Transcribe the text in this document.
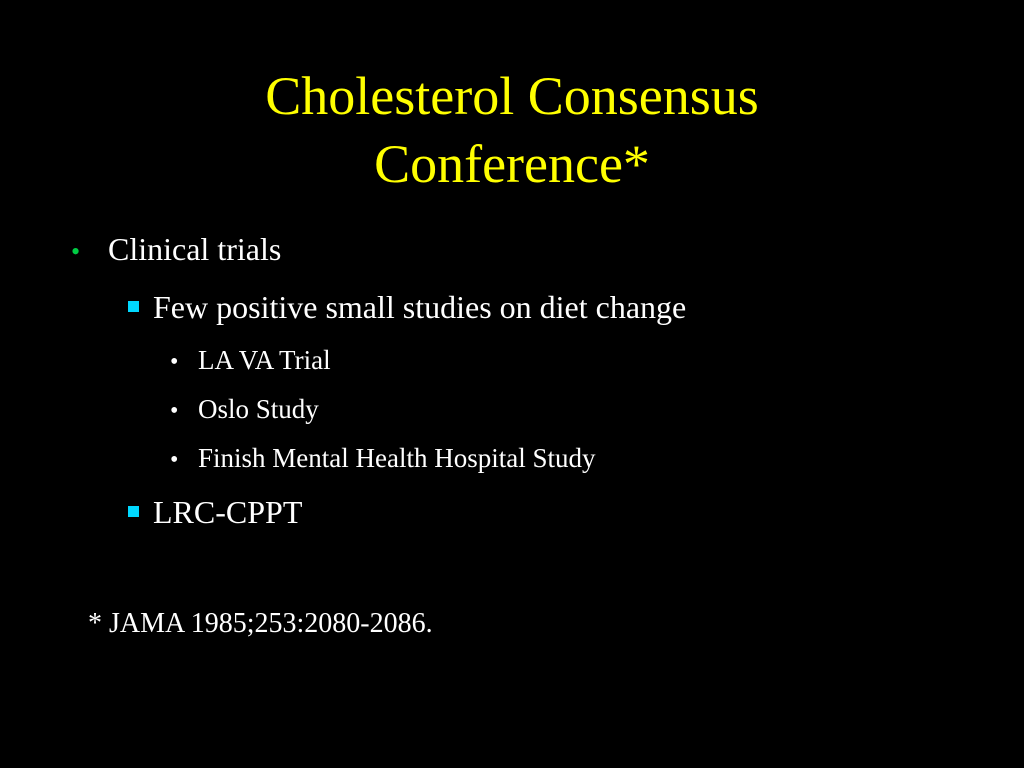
Cholesterol Consensus
Conference*
• Clinical trials
Few positive small studies on diet change
• LA VA Trial
• Oslo Study
• Finish Mental Health Hospital Study
LRC-CPPT
* JAMA 1985;253:2080-2086.
